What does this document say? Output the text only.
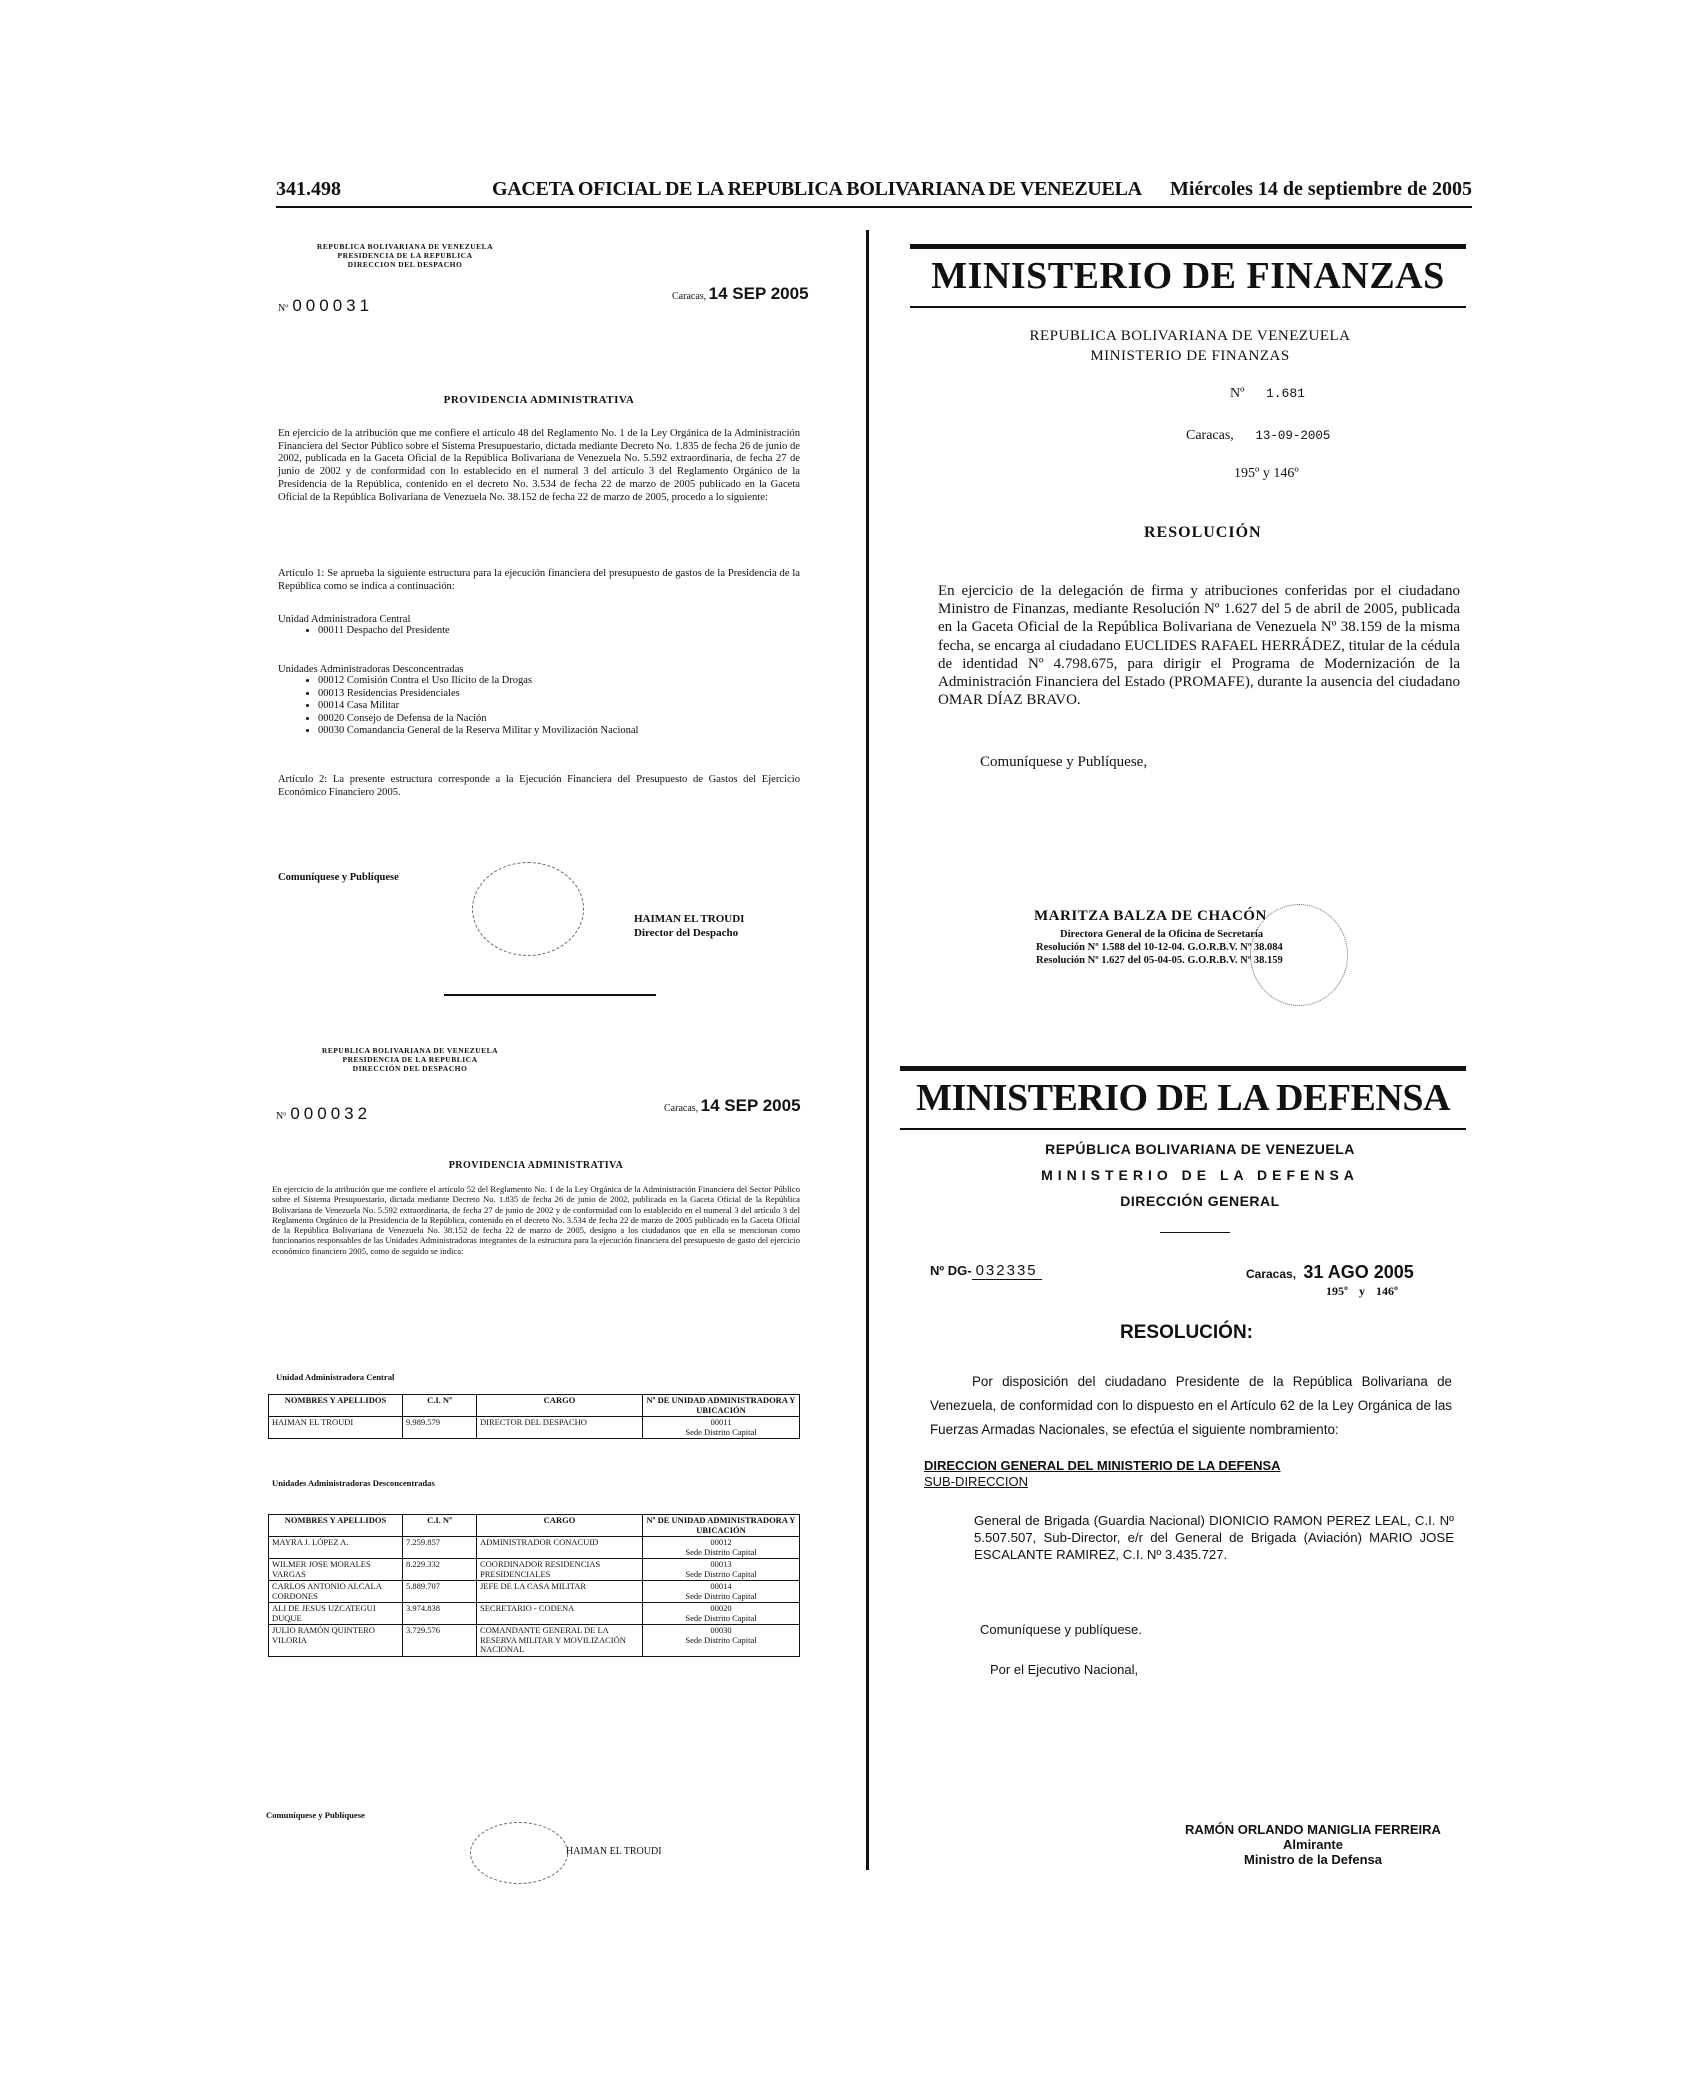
341.498	GACETA OFICIAL DE LA REPUBLICA BOLIVARIANA DE VENEZUELA Miércoles 14 de septiembre de 2005
REPUBLICA BOLIVARIANA DE VENEZUELA
PRESIDENCIA DE LA REPUBLICA
DIRECCION DEL DESPACHO
Nº 000031	Caracas, 14 SEP 2005
PROVIDENCIA ADMINISTRATIVA
En ejercicio de la atribución que me confiere el artículo 48 del Reglamento No. 1 de la Ley Orgánica de la Administración Financiera del Sector Público sobre el Sistema Presupuestario, dictada mediante Decreto No. 1.835 de fecha 26 de junio de 2002, publicada en la Gaceta Oficial de la República Bolivariana de Venezuela No. 5.592 extraordinaria, de fecha 27 de junio de 2002 y de conformidad con lo establecido en el numeral 3 del artículo 3 del Reglamento Orgánico de la Presidencia de la República, contenido en el decreto No. 3.534 de fecha 22 de marzo de 2005 publicado en la Gaceta Oficial de la República Bolivariana de Venezuela No. 38.152 de fecha 22 de marzo de 2005, procedo a lo siguiente:
Artículo 1: Se aprueba la siguiente estructura para la ejecución financiera del presupuesto de gastos de la Presidencia de la República como se indica a continuación:
Unidad Administradora Central
• 00011 Despacho del Presidente
Unidades Administradoras Desconcentradas
• 00012 Comisión Contra el Uso Ilícito de la Drogas
• 00013 Residencias Presidenciales
• 00014 Casa Militar
• 00020 Consejo de Defensa de la Nación
• 00030 Comandancia General de la Reserva Militar y Movilización Nacional
Artículo 2: La presente estructura corresponde a la Ejecución Financiera del Presupuesto de Gastos del Ejercicio Económico Financiero 2005.
Comuníquese y Publíquese
HAIMAN EL TROUDI
Director del Despacho
REPUBLICA BOLIVARIANA DE VENEZUELA
PRESIDENCIA DE LA REPUBLICA
DIRECCIÓN DEL DESPACHO
Nº 000032	Caracas, 14 SEP 2005
PROVIDENCIA ADMINISTRATIVA
En ejercicio de la atribución que me confiere el artículo 52 del Reglamento No. 1 de la Ley Orgánica de la Administración Financiera del Sector Público sobre el Sistema Presupuestario, dictada mediante Decreto No. 1.835 de fecha 26 de junio de 2002, publicada en la Gaceta Oficial de la República Bolivariana de Venezuela No. 5.592 extraordinaria, de fecha 27 de junio de 2002 y de conformidad con lo establecido en el numeral 3 del artículo 3 del Reglamento Orgánico de la Presidencia de la República, contenido en el decreto No. 3.534 de fecha 22 de marzo de 2005 publicado en la Gaceta Oficial de la República Bolivariana de Venezuela No. 38.152 de fecha 22 de marzo de 2005, designo a los ciudadanos que en ella se mencionan como funcionarios responsables de las Unidades Administradoras integrantes de la estructura para la ejecución financiera del presupuesto de gasto del ejercicio económico financiero 2005, como de seguido se indica:
Unidad Administradora Central
NOMBRES Y APELLIDOS	C.I. Nº	CARGO	Nº DE UNIDAD ADMINISTRADORA Y UBICACIÓN
HAIMAN EL TROUDI	9.989.579	DIRECTOR DEL DESPACHO	00011
Sede Distrito Capital
Unidades Administradoras Desconcentradas
NOMBRES Y APELLIDOS	C.I. Nº	CARGO	Nº DE UNIDAD ADMINISTRADORA Y UBICACIÓN
MAYRA J. LÓPEZ A.	7.259.857	ADMINISTRADOR CONACUID	00012
Sede Distrito Capital

WILMER JOSE MORALES VARGAS	8.229.332	COORDINADOR RESIDENCIAS PRESIDENCIALES	00013
Sede Distrito Capital

CARLOS ANTONIO ALCALA CORDONES	5.889.707	JEFE DE LA CASA MILITAR	00014
Sede Distrito Capital

ALI DE JESUS UZCATEGUI DUQUE	3.974.838	SECRETARIO - CODENA	00020
Sede Distrito Capital

JULIO RAMÓN QUINTERO VILORIA	3.729.576	COMANDANTE GENERAL DE LA RESERVA MILITAR Y MOVILIZACIÓN NACIONAL	00030
Sede Distrito Capital
Comuníquese y Publíquese
HAIMAN EL TROUDI
MINISTERIO DE FINANZAS
REPUBLICA BOLIVARIANA DE VENEZUELA
MINISTERIO DE FINANZAS
Nº 1.681
Caracas, 13-09-2005
195º y 146º
RESOLUCIÓN
En ejercicio de la delegación de firma y atribuciones conferidas por el ciudadano Ministro de Finanzas, mediante Resolución Nº 1.627 del 5 de abril de 2005, publicada en la Gaceta Oficial de la República Bolivariana de Venezuela Nº 38.159 de la misma fecha, se encarga al ciudadano EUCLIDES RAFAEL HERRÁDEZ, titular de la cédula de identidad Nº 4.798.675, para dirigir el Programa de Modernización de la Administración Financiera del Estado (PROMAFE), durante la ausencia del ciudadano OMAR DÍAZ BRAVO.
Comuníquese y Publíquese,
MARITZA BALZA DE CHACÓN
Directora General de la Oficina de Secretaría
Resolución Nº 1.588 del 10-12-04. G.O.R.B.V. Nº 38.084
Resolución Nº 1.627 del 05-04-05. G.O.R.B.V. Nº 38.159
MINISTERIO DE LA DEFENSA
REPÚBLICA BOLIVARIANA DE VENEZUELA
MINISTERIO DE LA DEFENSA
DIRECCIÓN GENERAL
Nº DG- 032335	Caracas, 31 AGO 2005
195º y 146º
RESOLUCIÓN:
Por disposición del ciudadano Presidente de la República Bolivariana de Venezuela, de conformidad con lo dispuesto en el Artículo 62 de la Ley Orgánica de las Fuerzas Armadas Nacionales, se efectúa el siguiente nombramiento:
DIRECCION GENERAL DEL MINISTERIO DE LA DEFENSA
SUB-DIRECCION
General de Brigada (Guardia Nacional) DIONICIO RAMON PEREZ LEAL, C.I. Nº 5.507.507, Sub-Director, e/r del General de Brigada (Aviación) MARIO JOSE ESCALANTE RAMIREZ, C.I. Nº 3.435.727.
Comuníquese y publíquese.
Por el Ejecutivo Nacional,
RAMÓN ORLANDO MANIGLIA FERREIRA
Almirante
Ministro de la Defensa
